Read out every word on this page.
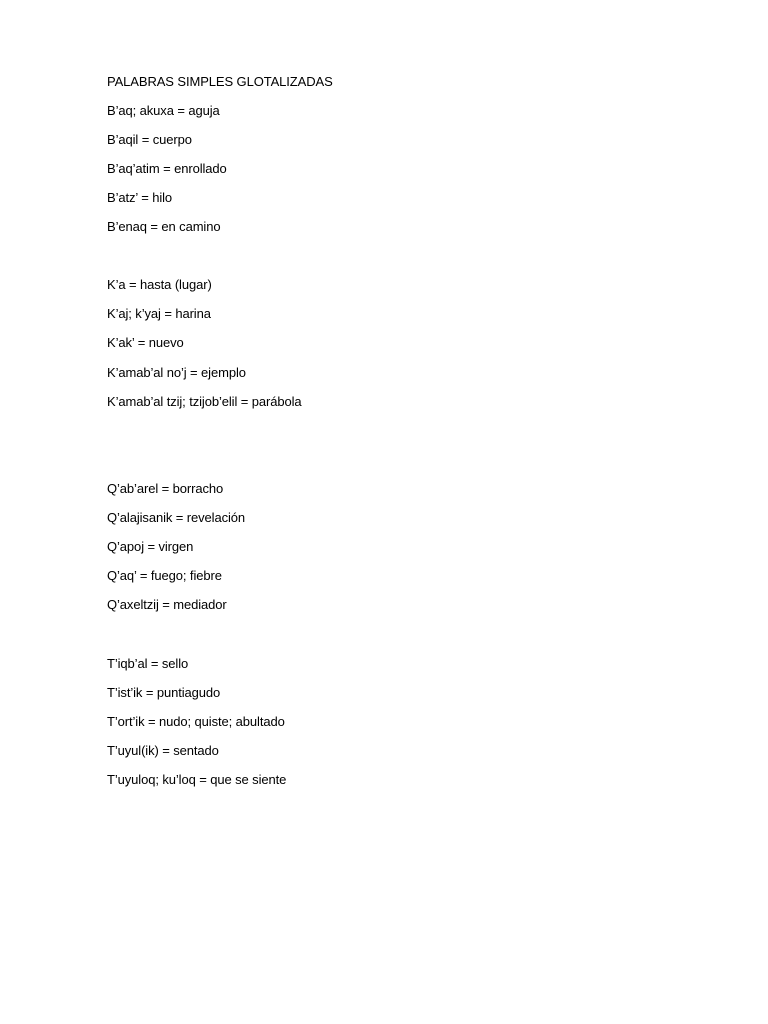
PALABRAS SIMPLES GLOTALIZADAS
B’aq; akuxa = aguja
B’aqil = cuerpo
B’aq’atim = enrollado
B’atz’ = hilo
B’enaq = en camino
K’a = hasta (lugar)
K’aj; k’yaj = harina
K’ak’ = nuevo
K’amab’al no’j = ejemplo
K’amab’al tzij; tzijob’elil = parábola
Q’ab’arel = borracho
Q’alajisanik = revelación
Q’apoj = virgen
Q’aq’ = fuego; fiebre
Q’axeltzij = mediador
T’iqb’al = sello
T’ist’ik = puntiagudo
T’ort’ik = nudo; quiste; abultado
T’uyul(ik) = sentado
T’uyuloq; ku’loq = que se siente
